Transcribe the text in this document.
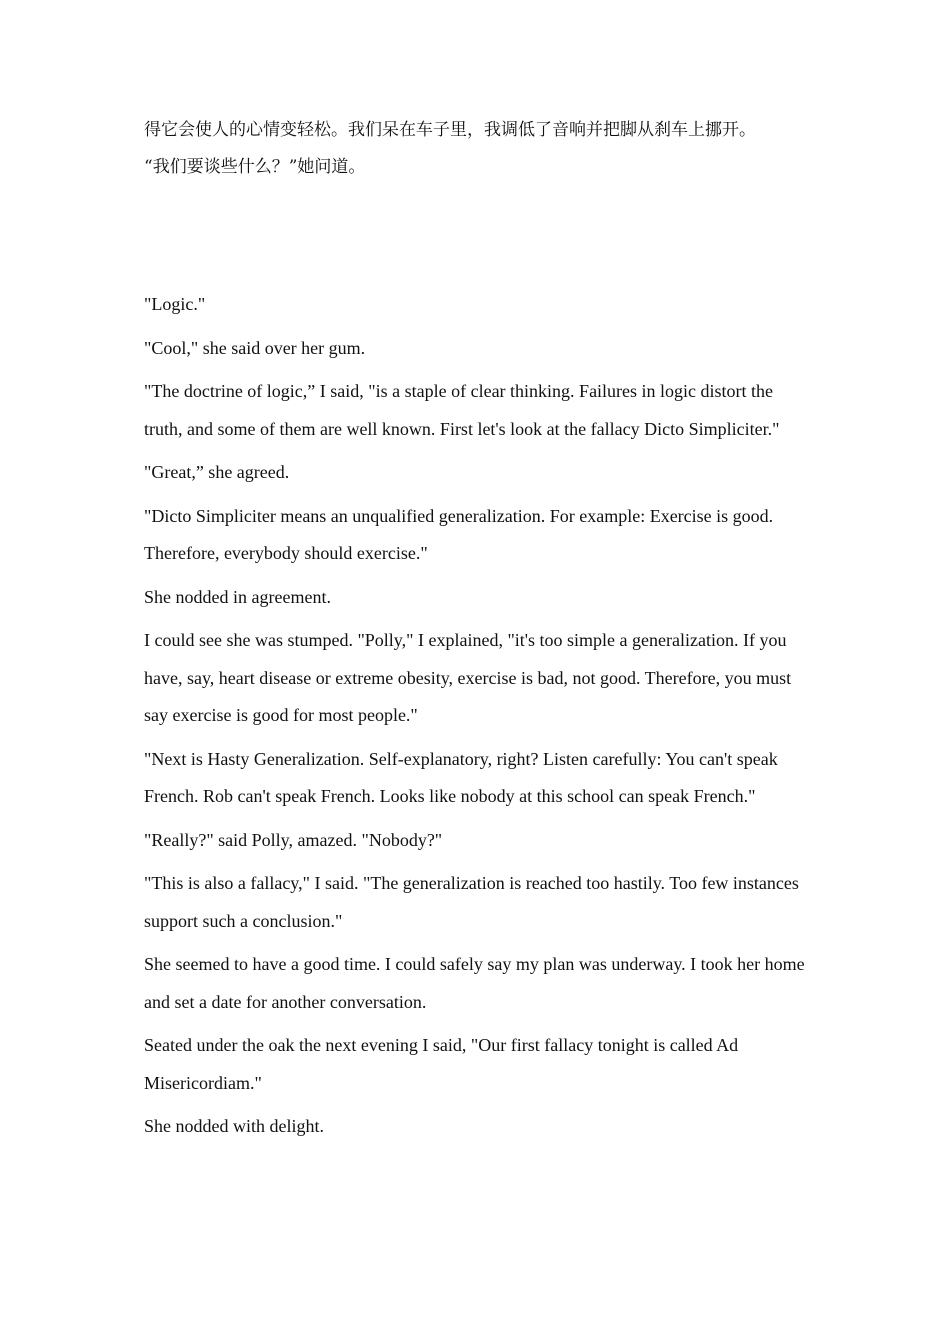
得它会使人的心情变轻松。我们呆在车子里，我调低了音响并把脚从刹车上挪开。

“我们要谈些什么？”她问道。

"Logic."

"Cool," she said over her gum.

"The doctrine of logic,” I said, "is a staple of clear thinking. Failures in logic distort the truth, and some of them are well known. First let's look at the fallacy Dicto Simpliciter."

"Great,” she agreed.

"Dicto Simpliciter means an unqualified generalization. For example: Exercise is good. Therefore, everybody should exercise."

She nodded in agreement.

I could see she was stumped. "Polly," I explained, "it's too simple a generalization. If you have, say, heart disease or extreme obesity, exercise is bad, not good. Therefore, you must say exercise is good for most people."

"Next is Hasty Generalization. Self-explanatory, right? Listen carefully: You can't speak French. Rob can't speak French. Looks like nobody at this school can speak French."

"Really?" said Polly, amazed. "Nobody?"

"This is also a fallacy," I said. "The generalization is reached too hastily. Too few instances support such a conclusion."

She seemed to have a good time. I could safely say my plan was underway. I took her home and set a date for another conversation.

Seated under the oak the next evening I said, "Our first fallacy tonight is called Ad Misericordiam."

She nodded with delight.
